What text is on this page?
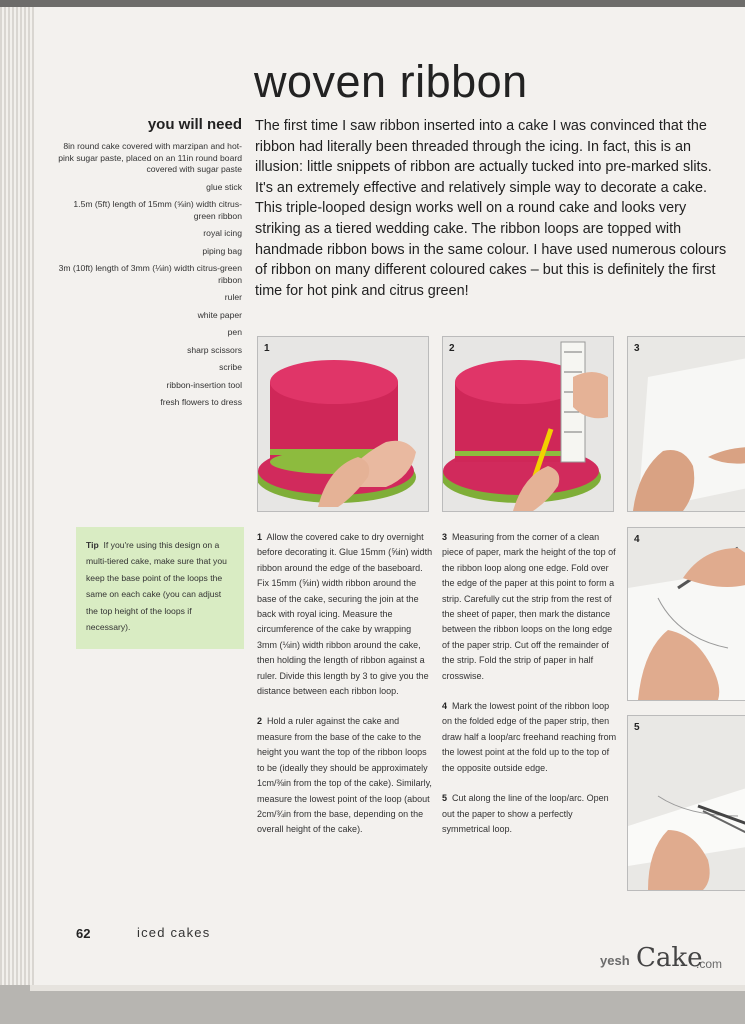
woven ribbon
you will need
8in round cake covered with marzipan and hot-pink sugar paste, placed on an 11in round board covered with sugar paste
glue stick
1.5m (5ft) length of 15mm (⅝in) width citrus-green ribbon
royal icing
piping bag
3m (10ft) length of 3mm (⅛in) width citrus-green ribbon
ruler
white paper
pen
sharp scissors
scribe
ribbon-insertion tool
fresh flowers to dress

The first time I saw ribbon inserted into a cake I was convinced that the ribbon had literally been threaded through the icing. In fact, this is an illusion: little snippets of ribbon are actually tucked into pre-marked slits. It's an extremely effective and relatively simple way to decorate a cake. This triple-looped design works well on a round cake and looks very striking as a tiered wedding cake. The ribbon loops are topped with handmade ribbon bows in the same colour. I have used numerous colours of ribbon on many different coloured cakes – but this is definitely the first time for hot pink and citrus green!

1	2	3
4
5

Tip If you're using this design on a multi-tiered cake, make sure that you keep the base point of the loops the same on each cake (you can adjust the top height of the loops if necessary).

1 Allow the covered cake to dry overnight before decorating it. Glue 15mm (⅝in) width ribbon around the edge of the baseboard. Fix 15mm (⅝in) width ribbon around the base of the cake, securing the join at the back with royal icing. Measure the circumference of the cake by wrapping 3mm (⅛in) width ribbon around the cake, then holding the length of ribbon against a ruler. Divide this length by 3 to give you the distance between each ribbon loop.

2 Hold a ruler against the cake and measure from the base of the cake to the height you want the top of the ribbon loops to be (ideally they should be approximately 1cm/⅜in from the top of the cake). Similarly, measure the lowest point of the loop (about 2cm/¾in from the base, depending on the overall height of the cake).

3 Measuring from the corner of a clean piece of paper, mark the height of the top of the ribbon loop along one edge. Fold over the edge of the paper at this point to form a strip. Carefully cut the strip from the rest of the sheet of paper, then mark the distance between the ribbon loops on the long edge of the paper strip. Cut off the remainder of the strip. Fold the strip of paper in half crosswise.

4 Mark the lowest point of the ribbon loop on the folded edge of the paper strip, then draw half a loop/arc freehand reaching from the lowest point at the fold up to the top of the opposite outside edge.

5 Cut along the line of the loop/arc. Open out the paper to show a perfectly symmetrical loop.

62	iced cakes
yesh Cake
.com
